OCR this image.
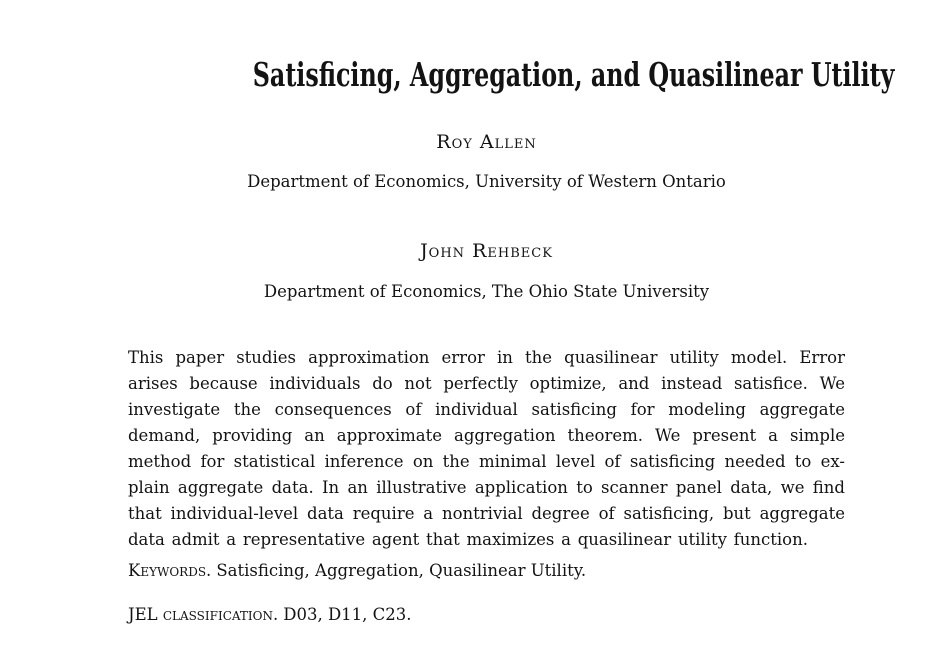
Satisficing, Aggregation, and Quasilinear Utility
Roy Allen
Department of Economics, University of Western Ontario
John Rehbeck
Department of Economics, The Ohio State University
This paper studies approximation error in the quasilinear utility model. Error
arises because individuals do not perfectly optimize, and instead satisfice. We
investigate the consequences of individual satisficing for modeling aggregate
demand, providing an approximate aggregation theorem. We present a simple
method for statistical inference on the minimal level of satisficing needed to ex-
plain aggregate data. In an illustrative application to scanner panel data, we find
that individual-level data require a nontrivial degree of satisficing, but aggregate
data admit a representative agent that maximizes a quasilinear utility function.
Keywords. Satisficing, Aggregation, Quasilinear Utility.
JEL classification. D03, D11, C23.
